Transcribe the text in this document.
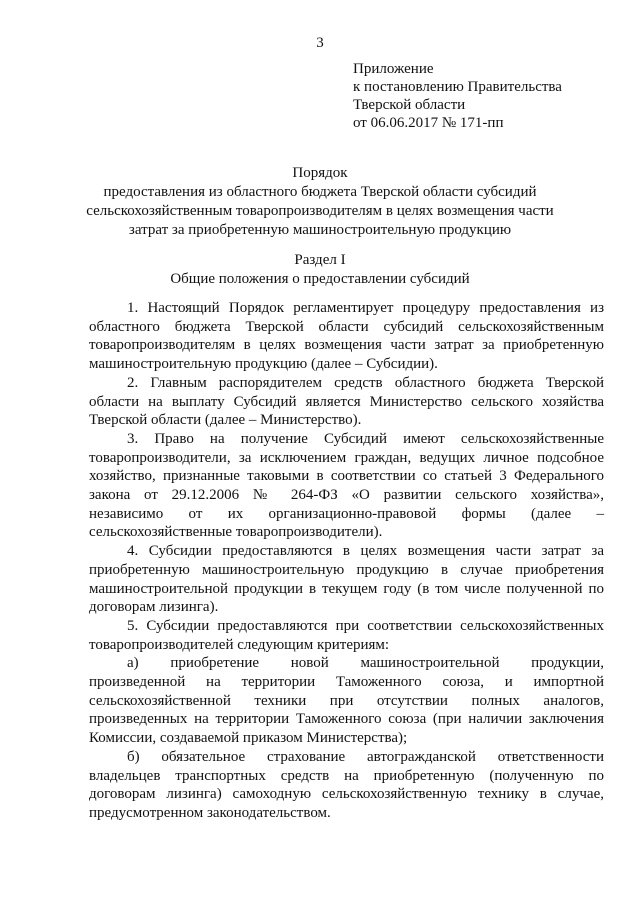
3
Приложение
к постановлению Правительства
Тверской области
от 06.06.2017 № 171-пп
Порядок
предоставления из областного бюджета Тверской области субсидий
сельскохозяйственным товаропроизводителям в целях возмещения части
затрат за приобретенную машиностроительную продукцию
Раздел I
Общие положения о предоставлении субсидий
1. Настоящий Порядок регламентирует процедуру предоставления из
областного бюджета Тверской области субсидий сельскохозяйственным
товаропроизводителям в целях возмещения части затрат за приобретенную
машиностроительную продукцию (далее – Субсидии).
2. Главным распорядителем средств областного бюджета Тверской
области на выплату Субсидий является Министерство сельского хозяйства
Тверской области (далее – Министерство).
3. Право на получение Субсидий имеют сельскохозяйственные
товаропроизводители, за исключением граждан, ведущих личное подсобное
хозяйство, признанные таковыми в соответствии со статьей 3 Федерального
закона от 29.12.2006 № 264-ФЗ «О развитии сельского хозяйства»,
независимо от их организационно-правовой формы (далее –
сельскохозяйственные товаропроизводители).
4. Субсидии предоставляются в целях возмещения части затрат за
приобретенную машиностроительную продукцию в случае приобретения
машиностроительной продукции в текущем году (в том числе полученной по
договорам лизинга).
5. Субсидии предоставляются при соответствии сельскохозяйственных
товаропроизводителей следующим критериям:
а) приобретение новой машиностроительной продукции,
произведенной на территории Таможенного союза, и импортной
сельскохозяйственной техники при отсутствии полных аналогов,
произведенных на территории Таможенного союза (при наличии заключения
Комиссии, создаваемой приказом Министерства);
б) обязательное страхование автогражданской ответственности
владельцев транспортных средств на приобретенную (полученную по
договорам лизинга) самоходную сельскохозяйственную технику в случае,
предусмотренном законодательством.
